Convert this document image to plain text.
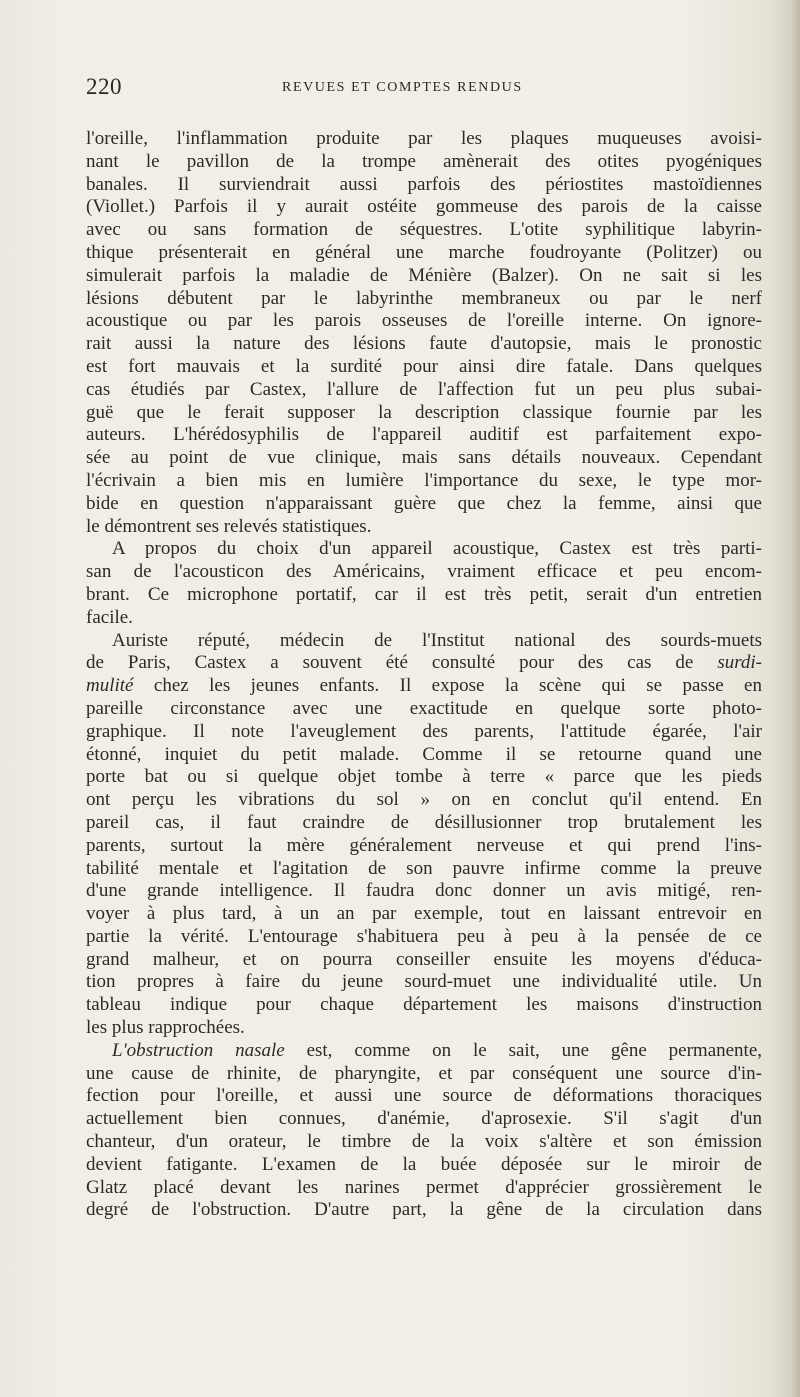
220	REVUES ET COMPTES RENDUS
l'oreille, l'inflammation produite par les plaques muqueuses avoisi-
nant le pavillon de la trompe amènerait des otites pyogéniques
banales. Il surviendrait aussi parfois des périostites mastoïdiennes
(Viollet.) Parfois il y aurait ostéite gommeuse des parois de la caisse
avec ou sans formation de séquestres. L'otite syphilitique labyrin-
thique présenterait en général une marche foudroyante (Politzer) ou
simulerait parfois la maladie de Ménière (Balzer). On ne sait si les
lésions débutent par le labyrinthe membraneux ou par le nerf
acoustique ou par les parois osseuses de l'oreille interne. On ignore-
rait aussi la nature des lésions faute d'autopsie, mais le pronostic
est fort mauvais et la surdité pour ainsi dire fatale. Dans quelques
cas étudiés par Castex, l'allure de l'affection fut un peu plus subai-
guë que le ferait supposer la description classique fournie par les
auteurs. L'hérédosyphilis de l'appareil auditif est parfaitement expo-
sée au point de vue clinique, mais sans détails nouveaux. Cependant
l'écrivain a bien mis en lumière l'importance du sexe, le type mor-
bide en question n'apparaissant guère que chez la femme, ainsi que
le démontrent ses relevés statistiques.
A propos du choix d'un appareil acoustique, Castex est très parti-
san de l'acousticon des Américains, vraiment efficace et peu encom-
brant. Ce microphone portatif, car il est très petit, serait d'un entretien
facile.
Auriste réputé, médecin de l'Institut national des sourds-muets
de Paris, Castex a souvent été consulté pour des cas de surdi-
mulité chez les jeunes enfants. Il expose la scène qui se passe en
pareille circonstance avec une exactitude en quelque sorte photo-
graphique. Il note l'aveuglement des parents, l'attitude égarée, l'air
étonné, inquiet du petit malade. Comme il se retourne quand une
porte bat ou si quelque objet tombe à terre « parce que les pieds
ont perçu les vibrations du sol » on en conclut qu'il entend. En
pareil cas, il faut craindre de désillusionner trop brutalement les
parents, surtout la mère généralement nerveuse et qui prend l'ins-
tabilité mentale et l'agitation de son pauvre infirme comme la preuve
d'une grande intelligence. Il faudra donc donner un avis mitigé, ren-
voyer à plus tard, à un an par exemple, tout en laissant entrevoir en
partie la vérité. L'entourage s'habituera peu à peu à la pensée de ce
grand malheur, et on pourra conseiller ensuite les moyens d'éduca-
tion propres à faire du jeune sourd-muet une individualité utile. Un
tableau indique pour chaque département les maisons d'instruction
les plus rapprochées.
L'obstruction nasale est, comme on le sait, une gêne permanente,
une cause de rhinite, de pharyngite, et par conséquent une source d'in-
fection pour l'oreille, et aussi une source de déformations thoraciques
actuellement bien connues, d'anémie, d'aprosexie. S'il s'agit d'un
chanteur, d'un orateur, le timbre de la voix s'altère et son émission
devient fatigante. L'examen de la buée déposée sur le miroir de
Glatz placé devant les narines permet d'apprécier grossièrement le
degré de l'obstruction. D'autre part, la gêne de la circulation dans
